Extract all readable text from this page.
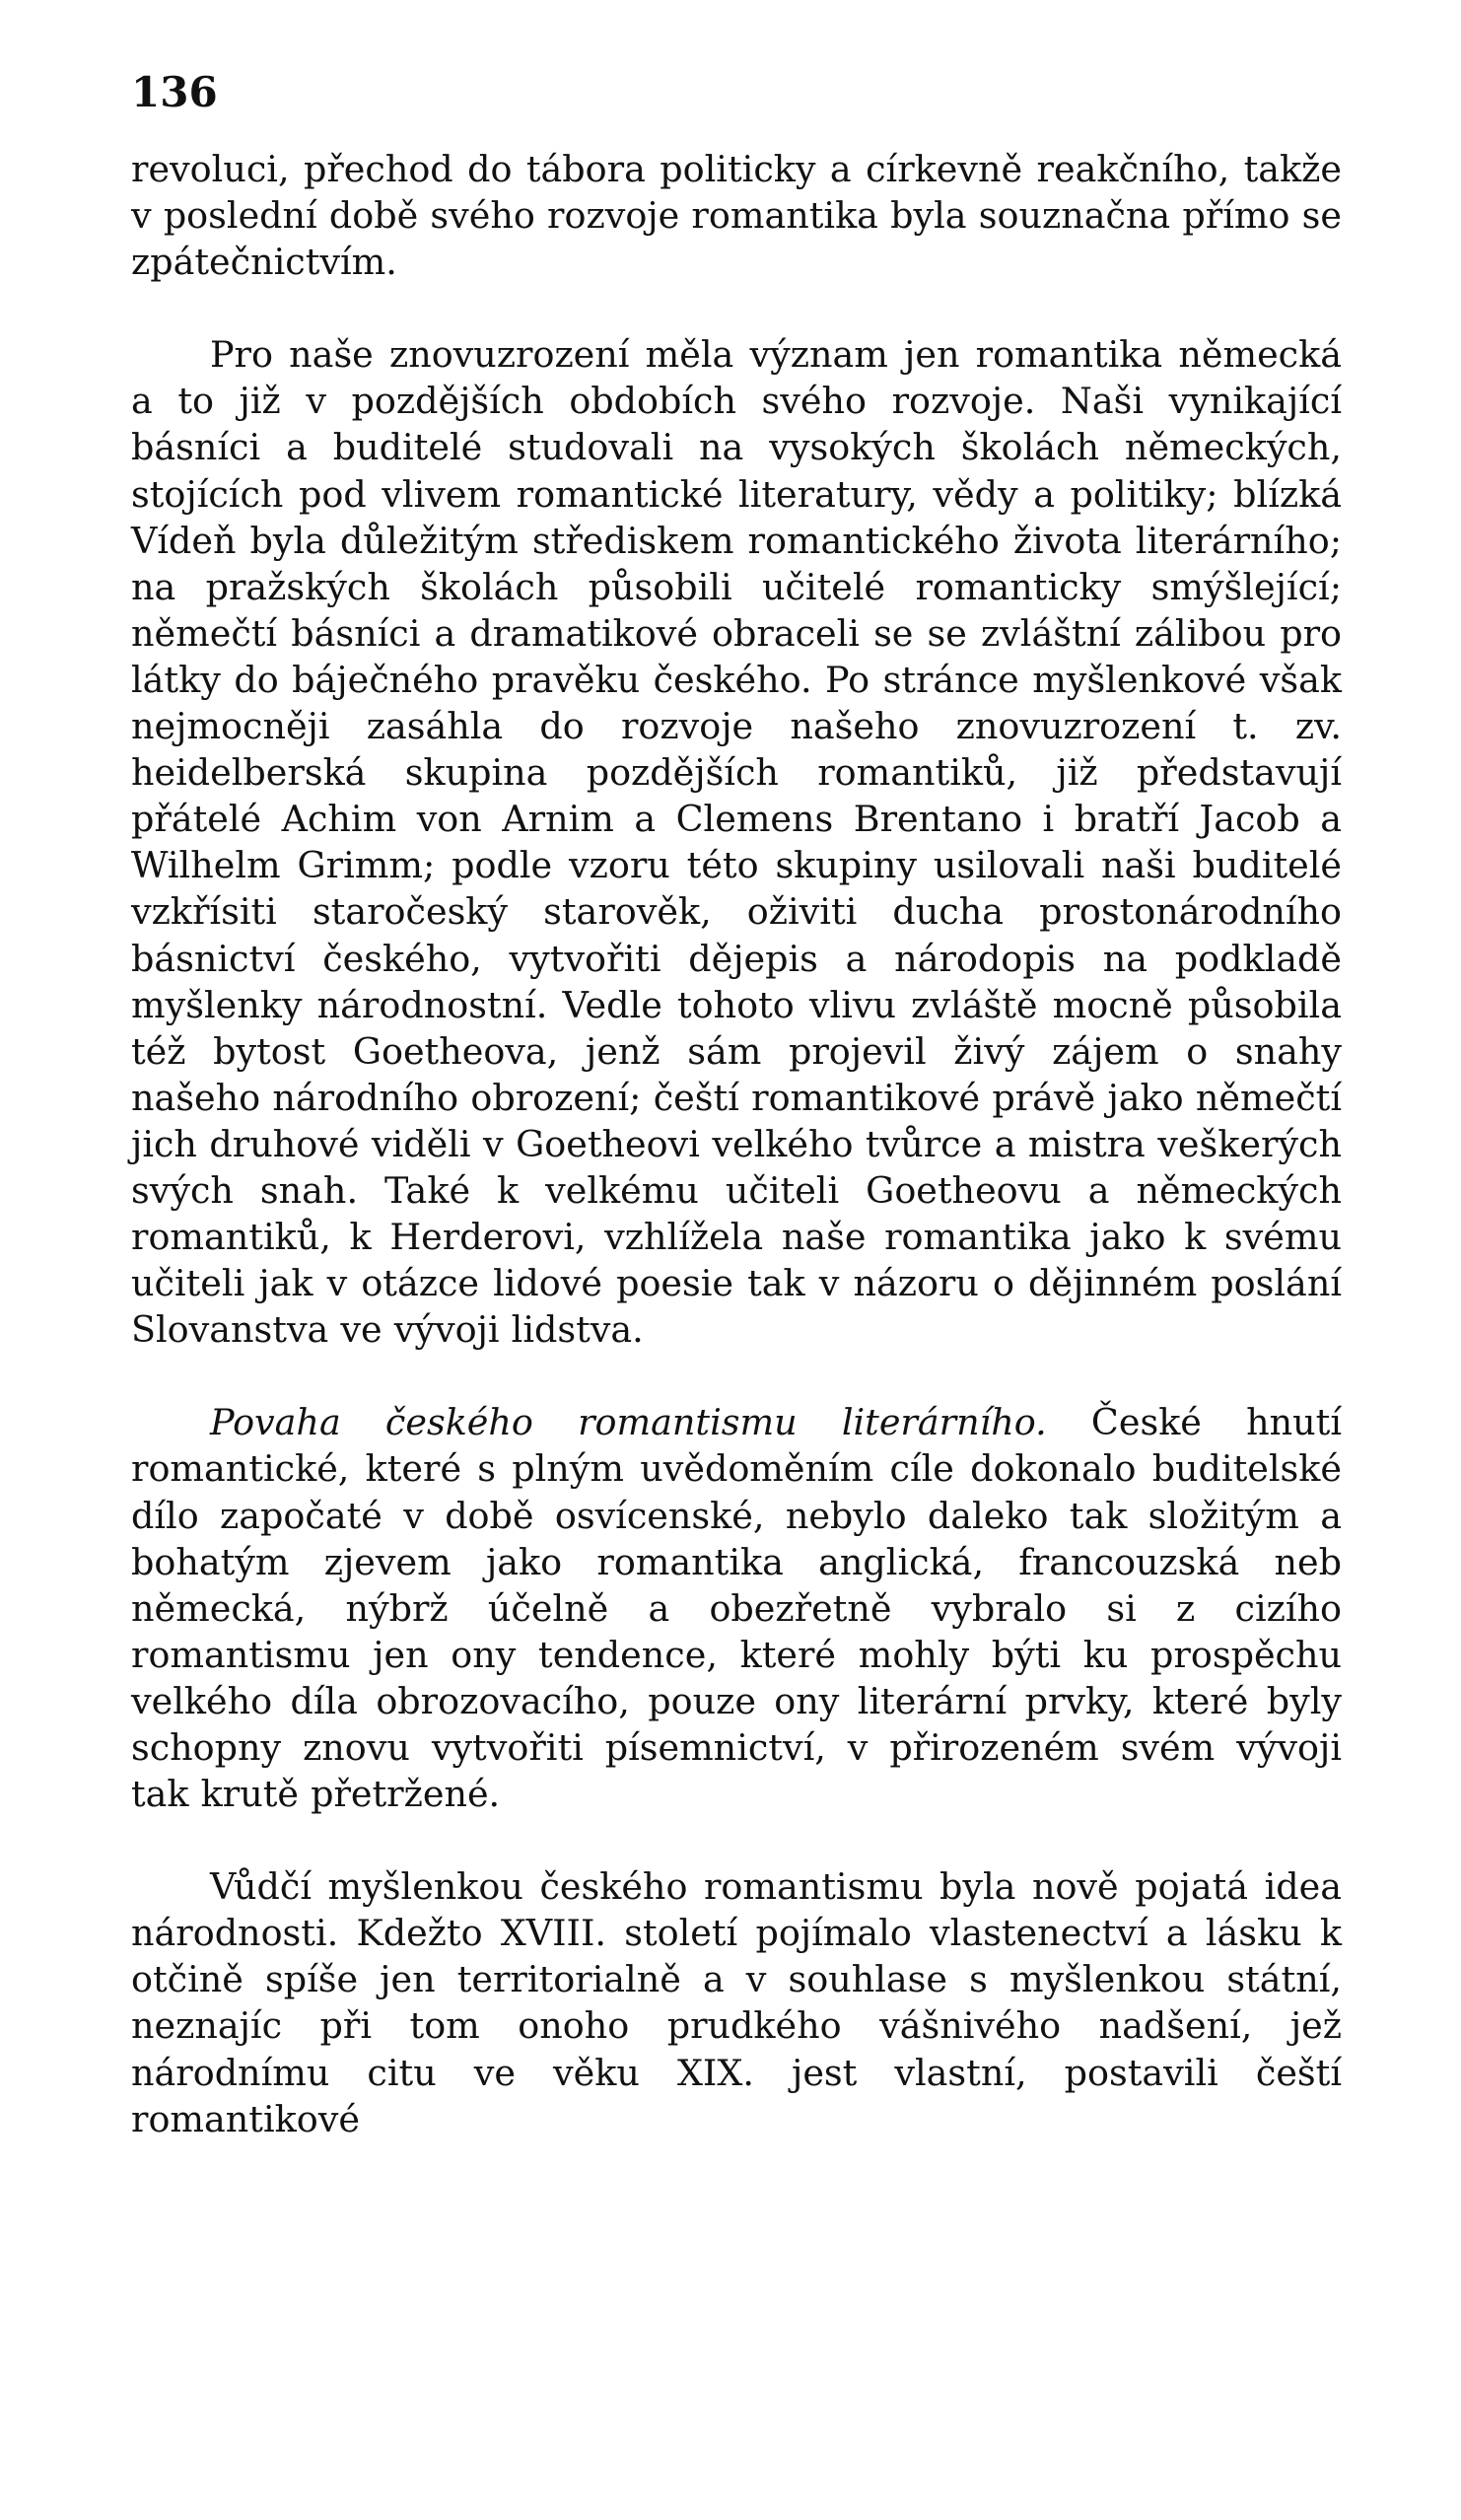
136

revoluci, přechod do tábora politicky a církevně reakčního, takže v poslední době svého rozvoje romantika byla souznačna přímo se zpátečnictvím.

Pro naše znovuzrození měla význam jen romantika německá a to již v pozdějších obdobích svého rozvoje. Naši vynikající básníci a buditelé studovali na vysokých školách německých, stojících pod vlivem romantické literatury, vědy a politiky; blízká Vídeň byla důležitým střediskem romantického života literárního; na pražských školách působili učitelé romanticky smýšlející; němečtí básníci a dramatikové obraceli se se zvláštní zálibou pro látky do báječného pravěku českého. Po stránce myšlenkové však nejmocněji zasáhla do rozvoje našeho znovuzrození t. zv. heidelberská skupina pozdějších romantiků, již představují přátelé Achim von Arnim a Clemens Brentano i bratří Jacob a Wilhelm Grimm; podle vzoru této skupiny usilovali naši buditelé vzkřísiti staročeský starověk, oživiti ducha prostonárodního básnictví českého, vytvořiti dějepis a národopis na podkladě myšlenky národnostní. Vedle tohoto vlivu zvláště mocně působila též bytost Goetheova, jenž sám projevil živý zájem o snahy našeho národního obrození; čeští romantikové právě jako němečtí jich druhové viděli v Goetheovi velkého tvůrce a mistra veškerých svých snah. Také k velkému učiteli Goetheovu a německých romantiků, k Herderovi, vzhlížela naše romantika jako k svému učiteli jak v otázce lidové poesie tak v názoru o dějinném poslání Slovanstva ve vývoji lidstva.

Povaha českého romantismu literárního. České hnutí romantické, které s plným uvědoměním cíle dokonalo buditelské dílo započaté v době osvícenské, nebylo daleko tak složitým a bohatým zjevem jako romantika anglická, francouzská neb německá, nýbrž účelně a obezřetně vybralo si z cizího romantismu jen ony tendence, které mohly býti ku prospěchu velkého díla obrozovacího, pouze ony literární prvky, které byly schopny znovu vytvořiti písemnictví, v přirozeném svém vývoji tak krutě přetržené.

Vůdčí myšlenkou českého romantismu byla nově pojatá idea národnosti. Kdežto XVIII. století pojímalo vlastenectví a lásku k otčině spíše jen territorialně a v souhlase s myšlenkou státní, neznajíc při tom onoho prudkého vášnivého nadšení, jež národnímu citu ve věku XIX. jest vlastní, postavili čeští romantikové
